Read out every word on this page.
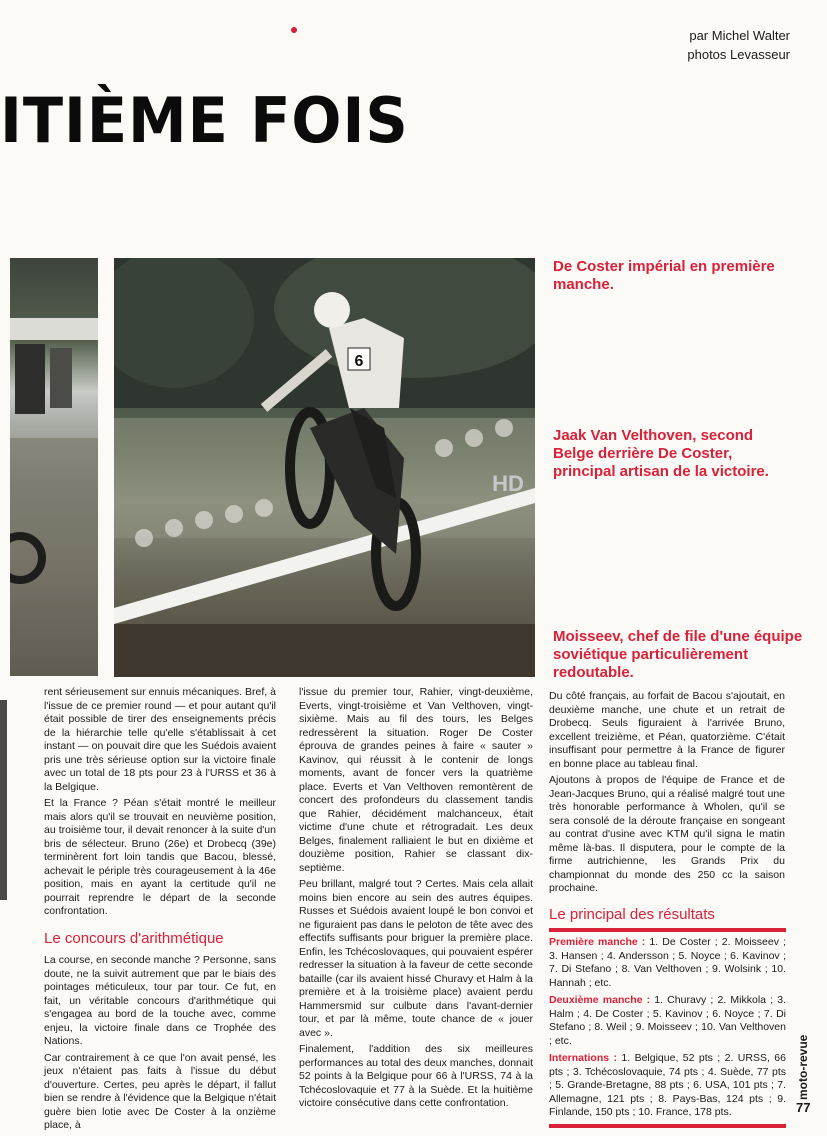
par Michel Walter
photos Levasseur
ITIÈME FOIS
6
HD
De Coster impérial en première manche.
Jaak Van Velthoven, second Belge derrière De Coster, principal artisan de la victoire.
Moisseev, chef de file d'une équipe soviétique particulièrement redoutable.

rent sérieusement sur ennuis mécaniques. Bref, à l'issue de ce premier round — et pour autant qu'il était possible de tirer des enseignements précis de la hiérarchie telle qu'elle s'établissait à cet instant — on pouvait dire que les Suédois avaient pris une très sérieuse option sur la victoire finale avec un total de 18 pts pour 23 à l'URSS et 36 à la Belgique.

Et la France ? Péan s'était montré le meilleur mais alors qu'il se trouvait en neuvième position, au troisième tour, il devait renoncer à la suite d'un bris de sélecteur. Bruno (26e) et Drobecq (39e) terminèrent fort loin tandis que Bacou, blessé, achevait le périple très courageusement à la 46e position, mais en ayant la certitude qu'il ne pourrait reprendre le départ de la seconde confrontation.

Le concours d'arithmétique

La course, en seconde manche ? Personne, sans doute, ne la suivit autrement que par le biais des pointages méticuleux, tour par tour. Ce fut, en fait, un véritable concours d'arithmétique qui s'engagea au bord de la touche avec, comme enjeu, la victoire finale dans ce Trophée des Nations.

Car contrairement à ce que l'on avait pensé, les jeux n'étaient pas faits à l'issue du début d'ouverture. Certes, peu après le départ, il fallut bien se rendre à l'évidence que la Belgique n'était guère bien lotie avec De Coster à la onzième place, à

l'issue du premier tour, Rahier, vingt-deuxième, Everts, vingt-troisième et Van Velthoven, vingt-sixième. Mais au fil des tours, les Belges redressèrent la situation. Roger De Coster éprouva de grandes peines à faire « sauter » Kavinov, qui réussit à le contenir de longs moments, avant de foncer vers la quatrième place. Everts et Van Velthoven remontèrent de concert des profondeurs du classement tandis que Rahier, décidément malchanceux, était victime d'une chute et rétrogradait. Les deux Belges, finalement ralliaient le but en dixième et douzième position, Rahier se classant dix-septième.

Peu brillant, malgré tout ? Certes. Mais cela allait moins bien encore au sein des autres équipes. Russes et Suédois avaient loupé le bon convoi et ne figuraient pas dans le peloton de tête avec des effectifs suffisants pour briguer la première place. Enfin, les Tchécoslovaques, qui pouvaient espérer redresser la situation à la faveur de cette seconde bataille (car ils avaient hissé Churavy et Halm à la première et à la troisième place) avaient perdu Hammersmid sur culbute dans l'avant-dernier tour, et par là même, toute chance de « jouer avec ».

Finalement, l'addition des six meilleures performances au total des deux manches, donnait 52 points à la Belgique pour 66 à l'URSS, 74 à la Tchécoslovaquie et 77 à la Suède. Et la huitième victoire consécutive dans cette confrontation.

Du côté français, au forfait de Bacou s'ajoutait, en deuxième manche, une chute et un retrait de Drobecq. Seuls figuraient à l'arrivée Bruno, excellent treizième, et Péan, quatorzième. C'était insuffisant pour permettre à la France de figurer en bonne place au tableau final.

Ajoutons à propos de l'équipe de France et de Jean-Jacques Bruno, qui a réalisé malgré tout une très honorable performance à Wholen, qu'il se sera consolé de la déroute française en songeant au contrat d'usine avec KTM qu'il signa le matin même là-bas. Il disputera, pour le compte de la firme autrichienne, les Grands Prix du championnat du monde des 250 cc la saison prochaine.

Le principal des résultats

Première manche : 1. De Coster ; 2. Moisseev ; 3. Hansen ; 4. Andersson ; 5. Noyce ; 6. Kavinov ; 7. Di Stefano ; 8. Van Velthoven ; 9. Wolsink ; 10. Hannah ; etc.

Deuxième manche : 1. Churavy ; 2. Mikkola ; 3. Halm ; 4. De Coster ; 5. Kavinov ; 6. Noyce ; 7. Di Stefano ; 8. Weil ; 9. Moisseev ; 10. Van Velthoven ; etc.

Internations : 1. Belgique, 52 pts ; 2. URSS, 66 pts ; 3. Tchécoslovaquie, 74 pts ; 4. Suède, 77 pts ; 5. Grande-Bretagne, 88 pts ; 6. USA, 101 pts ; 7. Allemagne, 121 pts ; 8. Pays-Bas, 124 pts ; 9. Finlande, 150 pts ; 10. France, 178 pts.

moto-revue
77
